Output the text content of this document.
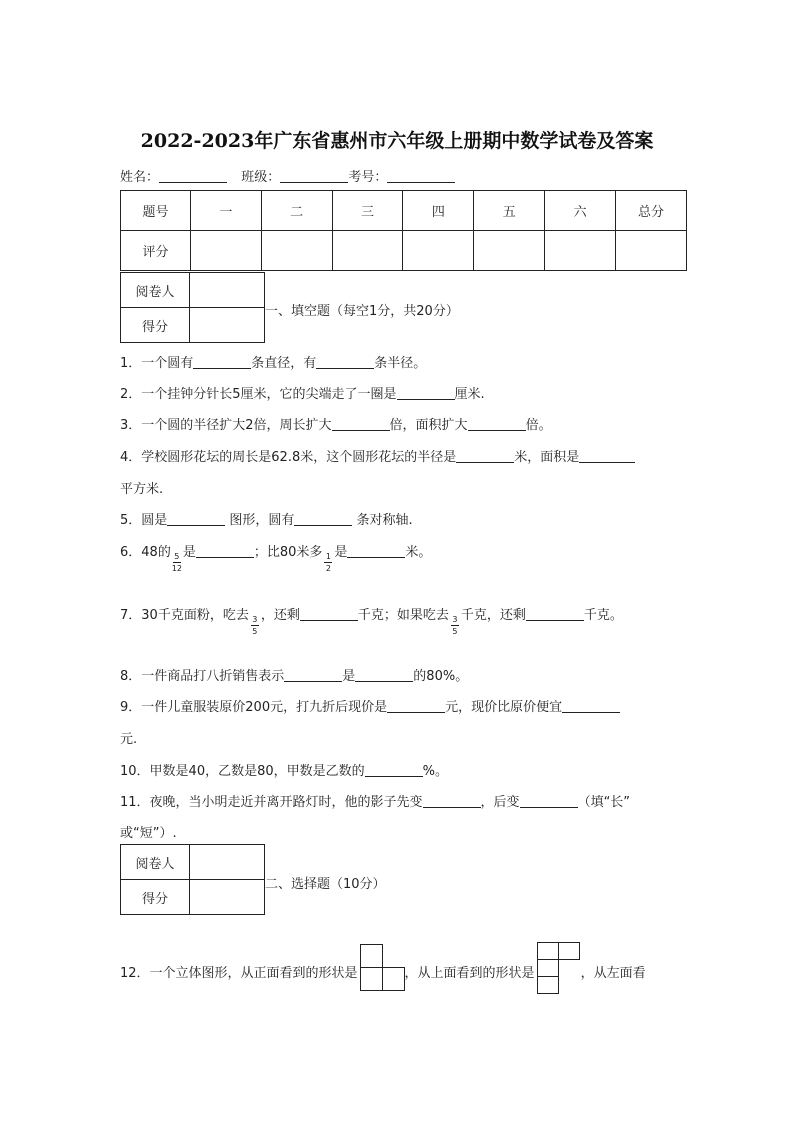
2022-2023年广东省惠州市六年级上册期中数学试卷及答案
姓名：	班级：	考号：
题号	一	二	三	四	五	六	总分
评分							
阅卷人	
得分	
一、填空题（每空1分，共20分）
1．一个圆有	条直径，有	条半径。
2．一个挂钟分针长5厘米，它的尖端走了一圈是	厘米.
3．一个圆的半径扩大2倍，周长扩大	倍，面积扩大	倍。
4．学校圆形花坛的周长是62.8米，这个圆形花坛的半径是	米，面积是
平方米.
5．圆是	图形，圆有	条对称轴.
6．48的 $\frac{5}{12}$ 是	；比80米多 $\frac{1}{2}$ 是	米。
7．30千克面粉，吃去 $\frac{3}{5}$ ，还剩	千克；如果吃去 $\frac{3}{5}$ 千克，还剩	千克。
8．一件商品打八折销售表示	是	的80%。
9．一件儿童服装原价200元，打九折后现价是	元，现价比原价便宜
元.
10．甲数是40，乙数是80，甲数是乙数的	%。
11．夜晚，当小明走近并离开路灯时，他的影子先变	，后变	（填“长”
或“短”）.
阅卷人	
得分	
二、选择题（10分）
12．一个立体图形，从正面看到的形状是	，从上面看到的形状是	，从左面看
